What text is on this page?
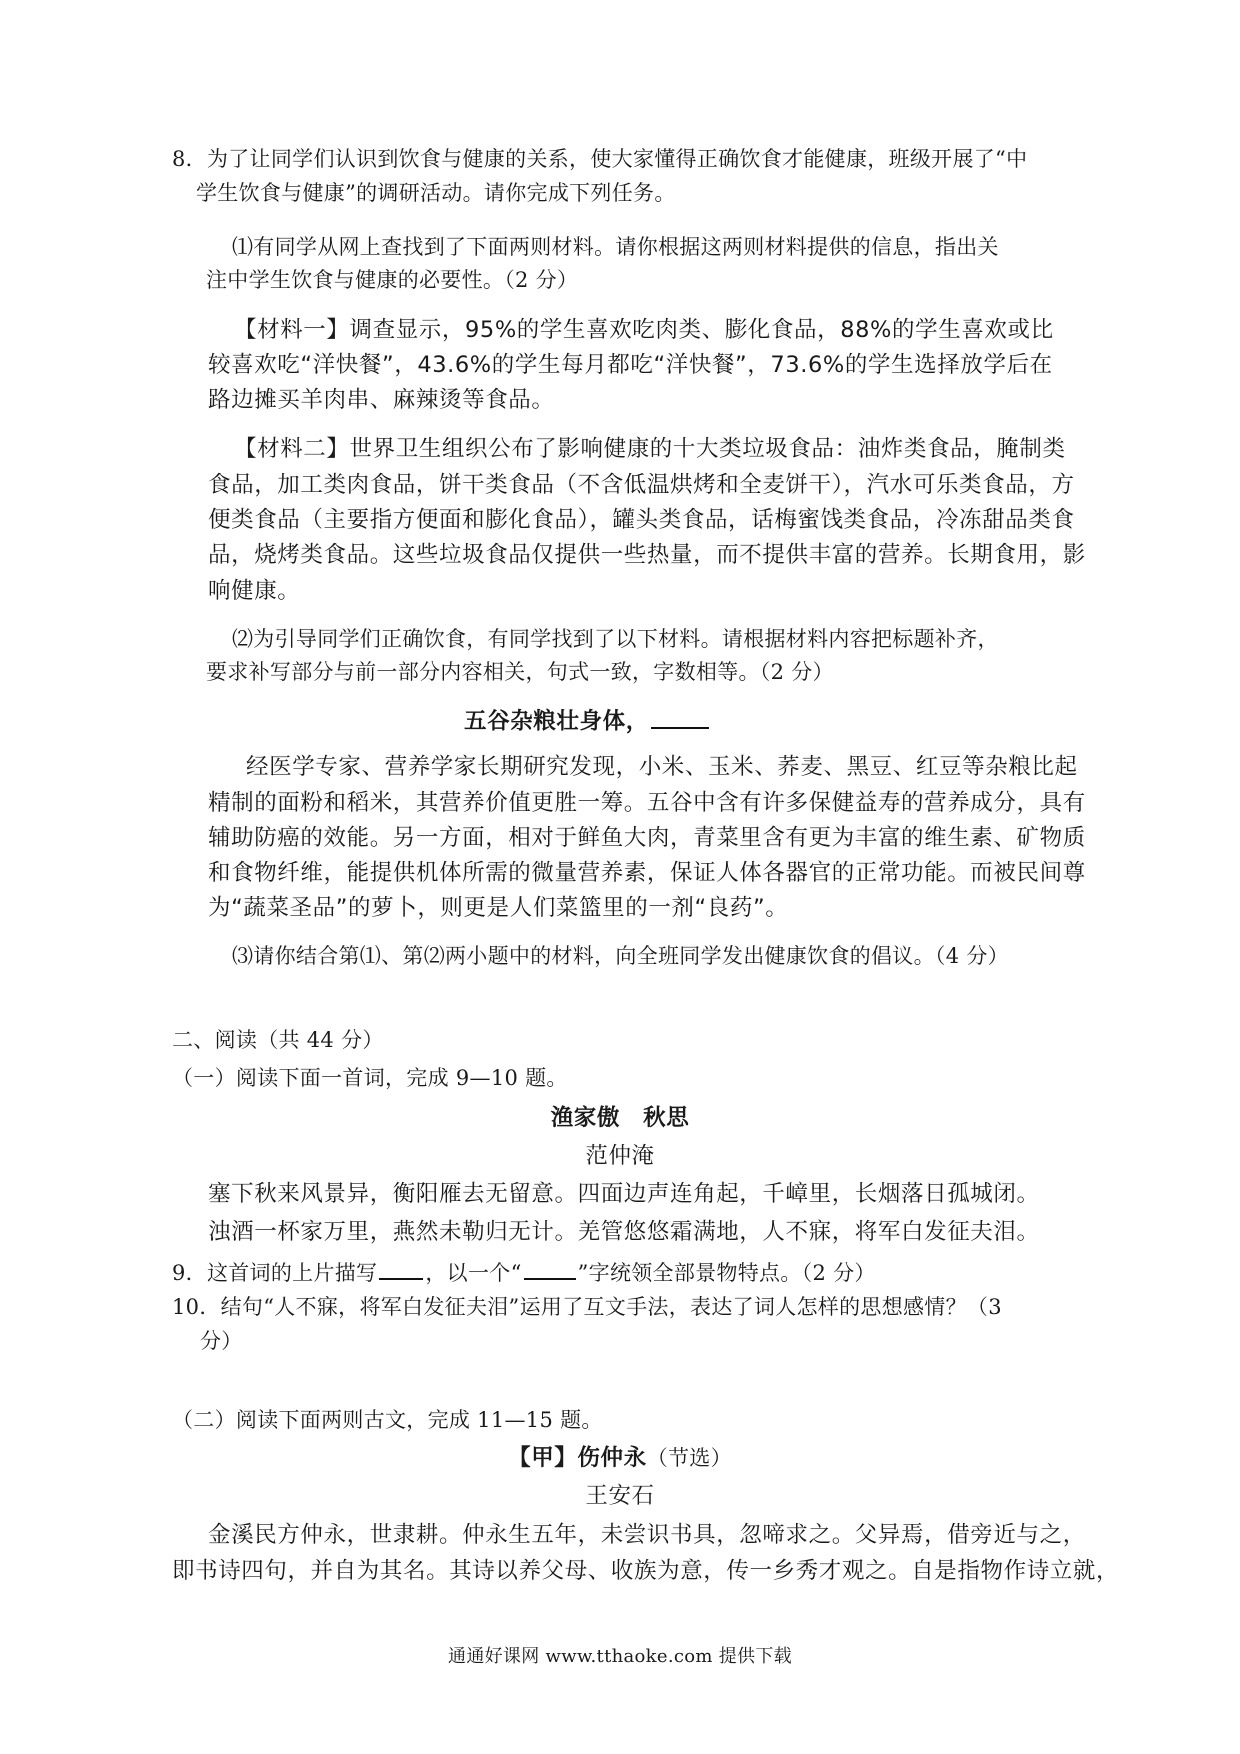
8．为了让同学们认识到饮食与健康的关系，使大家懂得正确饮食才能健康，班级开展了“中
学生饮食与健康”的调研活动。请你完成下列任务。
⑴有同学从网上查找到了下面两则材料。请你根据这两则材料提供的信息，指出关
注中学生饮食与健康的必要性。（2 分）
【材料一】调查显示，95%的学生喜欢吃肉类、膨化食品，88%的学生喜欢或比
较喜欢吃“洋快餐”，43.6%的学生每月都吃“洋快餐”，73.6%的学生选择放学后在
路边摊买羊肉串、麻辣烫等食品。
【材料二】世界卫生组织公布了影响健康的十大类垃圾食品：油炸类食品，腌制类
食品，加工类肉食品，饼干类食品（不含低温烘烤和全麦饼干），汽水可乐类食品，方
便类食品（主要指方便面和膨化食品），罐头类食品，话梅蜜饯类食品，冷冻甜品类食
品，烧烤类食品。这些垃圾食品仅提供一些热量，而不提供丰富的营养。长期食用，影
响健康。
⑵为引导同学们正确饮食，有同学找到了以下材料。请根据材料内容把标题补齐，
要求补写部分与前一部分内容相关，句式一致，字数相等。（2 分）
五谷杂粮壮身体，
经医学专家、营养学家长期研究发现，小米、玉米、荞麦、黑豆、红豆等杂粮比起
精制的面粉和稻米，其营养价值更胜一筹。五谷中含有许多保健益寿的营养成分，具有
辅助防癌的效能。另一方面，相对于鲜鱼大肉，青菜里含有更为丰富的维生素、矿物质
和食物纤维，能提供机体所需的微量营养素，保证人体各器官的正常功能。而被民间尊
为“蔬菜圣品”的萝卜，则更是人们菜篮里的一剂“良药”。
⑶请你结合第⑴、第⑵两小题中的材料，向全班同学发出健康饮食的倡议。（4 分）
二、阅读（共 44 分）
（一）阅读下面一首词，完成 9—10 题。
渔家傲　秋思
范仲淹
塞下秋来风景异，衡阳雁去无留意。四面边声连角起，千嶂里，长烟落日孤城闭。
浊酒一杯家万里，燕然未勒归无计。羌管悠悠霜满地，人不寐，将军白发征夫泪。
9．这首词的上片描写 ，以一个“	”字统领全部景物特点。（2 分）
10．结句“人不寐，将军白发征夫泪”运用了互文手法，表达了词人怎样的思想感情？（3
分）
（二）阅读下面两则古文，完成 11—15 题。
【甲】伤仲永（节选）
王安石
金溪民方仲永，世隶耕。仲永生五年，未尝识书具，忽啼求之。父异焉，借旁近与之，
即书诗四句，并自为其名。其诗以养父母、收族为意，传一乡秀才观之。自是指物作诗立就，
通通好课网 www.tthaoke.com 提供下载
